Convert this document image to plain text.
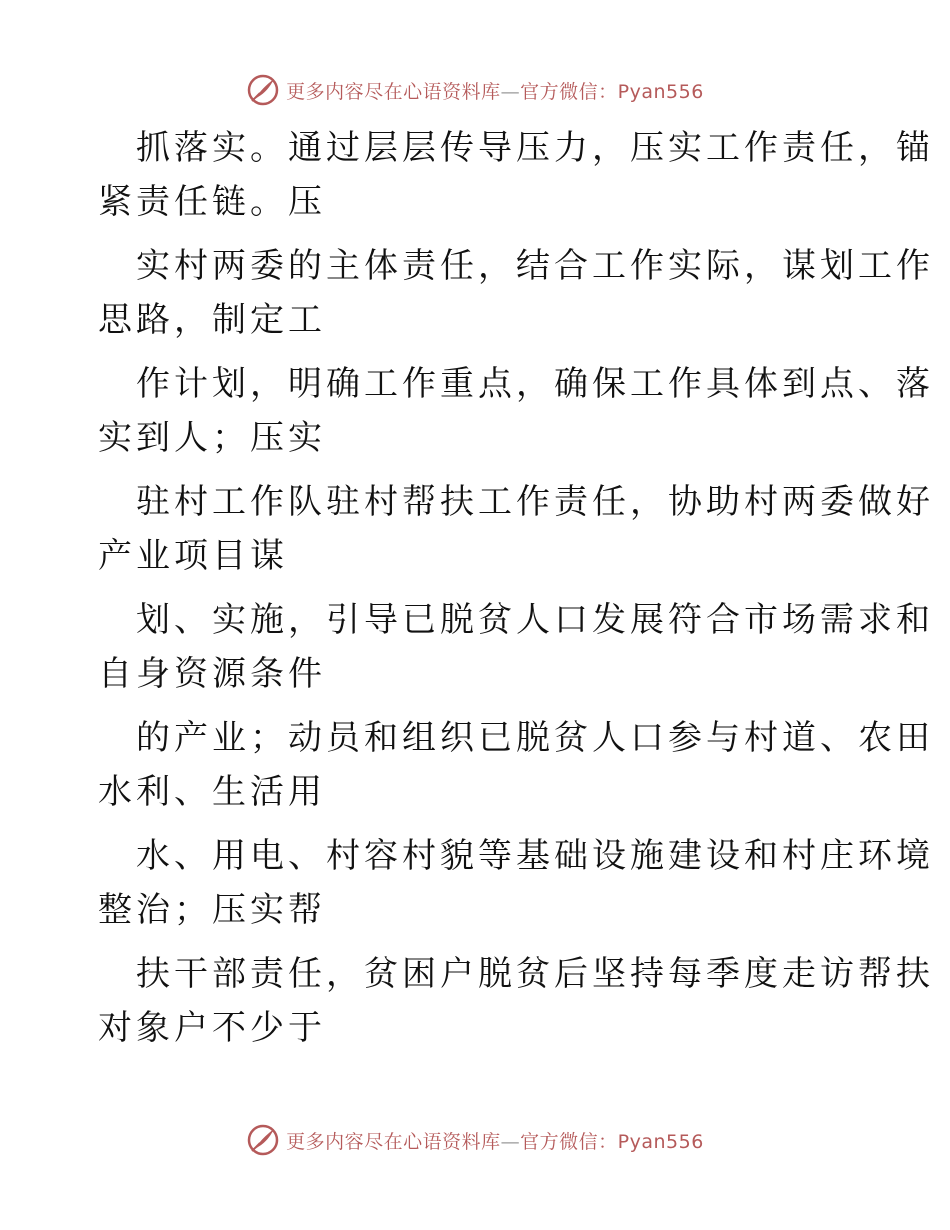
更多内容尽在心语资料库—官方微信：Pyan556
抓落实。通过层层传导压力，压实工作责任，锚
紧责任链。压
实村两委的主体责任，结合工作实际，谋划工作
思路，制定工
作计划，明确工作重点，确保工作具体到点、落
实到人；压实
驻村工作队驻村帮扶工作责任，协助村两委做好
产业项目谋
划、实施，引导已脱贫人口发展符合市场需求和
自身资源条件
的产业；动员和组织已脱贫人口参与村道、农田
水利、生活用
水、用电、村容村貌等基础设施建设和村庄环境
整治；压实帮
扶干部责任，贫困户脱贫后坚持每季度走访帮扶
对象户不少于
更多内容尽在心语资料库—官方微信：Pyan556
